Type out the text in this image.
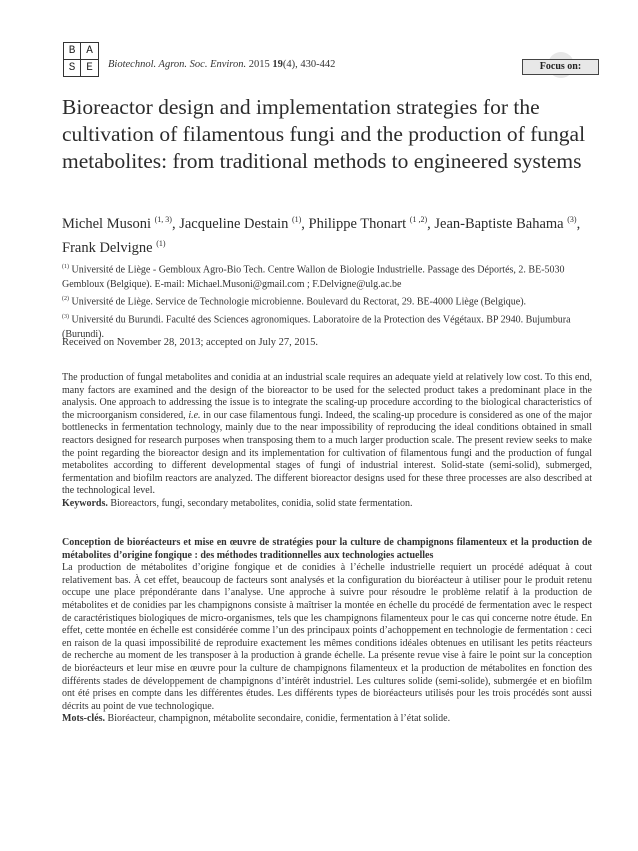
B A
S E	Biotechnol. Agron. Soc. Environ. 2015 19(4), 430-442	Focus on:
Bioreactor design and implementation strategies for the cultivation of filamentous fungi and the production of fungal metabolites: from traditional methods to engineered systems
Michel Musoni $^{(1, 3)}$, Jacqueline Destain $^{(1)}$, Philippe Thonart $^{(1 ,2)}$, Jean-Baptiste Bahama $^{(3)}$,
Frank Delvigne $^{(1)}$
$^{(1)}$ Université de Liège - Gembloux Agro-Bio Tech. Centre Wallon de Biologie Industrielle. Passage des Déportés, 2. BE-5030 Gembloux (Belgique). E-mail: Michael.Musoni@gmail.com ; F.Delvigne@ulg.ac.be
$^{(2)}$ Université de Liège. Service de Technologie microbienne. Boulevard du Rectorat, 29. BE-4000 Liège (Belgique).
$^{(3)}$ Université du Burundi. Faculté des Sciences agronomiques. Laboratoire de la Protection des Végétaux. BP 2940. Bujumbura (Burundi).
Received on November 28, 2013; accepted on July 27, 2015.
The production of fungal metabolites and conidia at an industrial scale requires an adequate yield at relatively low cost. To this end, many factors are examined and the design of the bioreactor to be used for the selected product takes a predominant place in the analysis. One approach to addressing the issue is to integrate the scaling-up procedure according to the biological characteristics of the microorganism considered, i.e. in our case filamentous fungi. Indeed, the scaling-up procedure is considered as one of the major bottlenecks in fermentation technology, mainly due to the near impossibility of reproducing the ideal conditions obtained in small reactors designed for research purposes when transposing them to a much larger production scale. The present review seeks to make the point regarding the bioreactor design and its implementation for cultivation of filamentous fungi and the production of fungal metabolites according to different developmental stages of fungi of industrial interest. Solid-state (semi-solid), submerged, fermentation and biofilm reactors are analyzed. The different bioreactor designs used for these three processes are also described at the technological level.
Keywords. Bioreactors, fungi, secondary metabolites, conidia, solid state fermentation.
Conception de bioréacteurs et mise en œuvre de stratégies pour la culture de champignons filamenteux et la production de métabolites d’origine fongique : des méthodes traditionnelles aux technologies actuelles
La production de métabolites d’origine fongique et de conidies à l’échelle industrielle requiert un procédé adéquat à cout relativement bas. À cet effet, beaucoup de facteurs sont analysés et la configuration du bioréacteur à utiliser pour le produit retenu occupe une place prépondérante dans l’analyse. Une approche à suivre pour résoudre le problème relatif à la production de métabolites et de conidies par les champignons consiste à maîtriser la montée en échelle du procédé de fermentation avec le respect de caractéristiques biologiques de micro-organismes, tels que les champignons filamenteux pour le cas qui concerne notre étude. En effet, cette montée en échelle est considérée comme l’un des principaux points d’achoppement en technologie de fermentation : ceci en raison de la quasi impossibilité de reproduire exactement les mêmes conditions idéales obtenues en utilisant les petits réacteurs de recherche au moment de les transposer à la production à grande échelle. La présente revue vise à faire le point sur la conception de bioréacteurs et leur mise en œuvre pour la culture de champignons filamenteux et la production de métabolites en fonction des différents stades de développement de champignons d’intérêt industriel. Les cultures solide (semi-solide), submergée et en biofilm ont été prises en compte dans les différentes études. Les différents types de bioréacteurs utilisés pour les trois procédés sont aussi décrits au point de vue technologique.
Mots-clés. Bioréacteur, champignon, métabolite secondaire, conidie, fermentation à l’état solide.
